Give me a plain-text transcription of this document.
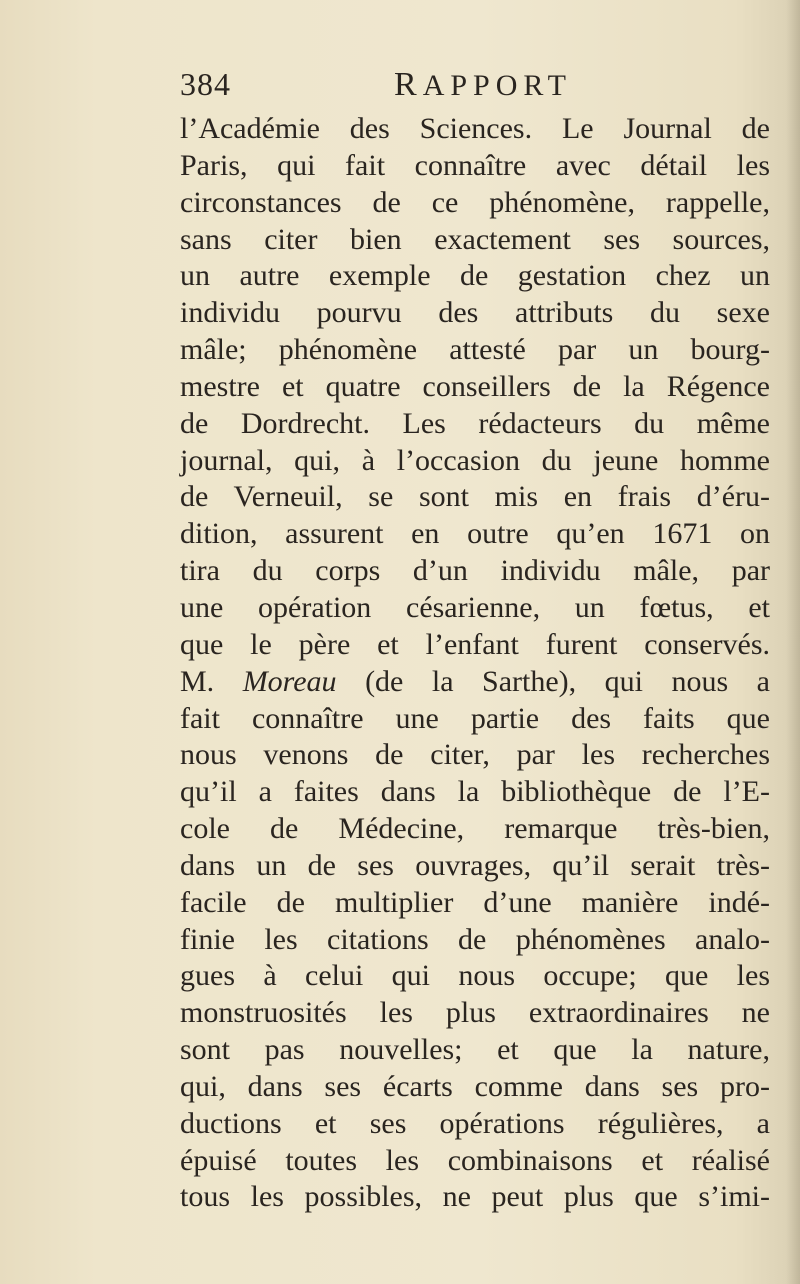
384	RAPPORT
l’Académie des Sciences. Le Journal de
Paris, qui fait connaître avec détail les
circonstances de ce phénomène, rappelle,
sans citer bien exactement ses sources,
un autre exemple de gestation chez un
individu pourvu des attributs du sexe
mâle; phénomène attesté par un bourg-
mestre et quatre conseillers de la Régence
de Dordrecht. Les rédacteurs du même
journal, qui, à l’occasion du jeune homme
de Verneuil, se sont mis en frais d’éru-
dition, assurent en outre qu’en 1671 on
tira du corps d’un individu mâle, par
une opération césarienne, un fœtus, et
que le père et l’enfant furent conservés.
M. Moreau (de la Sarthe), qui nous a
fait connaître une partie des faits que
nous venons de citer, par les recherches
qu’il a faites dans la bibliothèque de l’E-
cole de Médecine, remarque très-bien,
dans un de ses ouvrages, qu’il serait très-
facile de multiplier d’une manière indé-
finie les citations de phénomènes analo-
gues à celui qui nous occupe; que les
monstruosités les plus extraordinaires ne
sont pas nouvelles; et que la nature,
qui, dans ses écarts comme dans ses pro-
ductions et ses opérations régulières, a
épuisé toutes les combinaisons et réalisé
tous les possibles, ne peut plus que s’imi-
